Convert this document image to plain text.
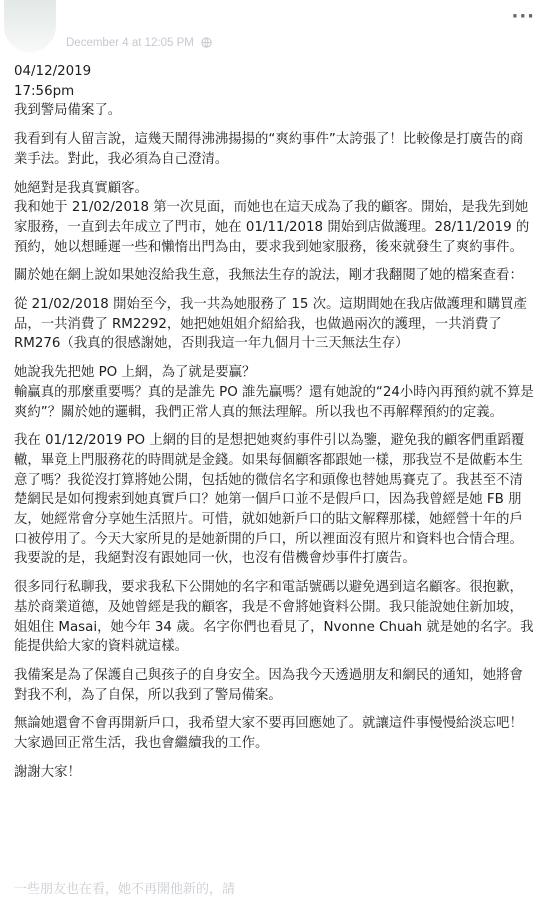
December 4 at 12:05 PM
···

04/12/2019
17:56pm
我到警局備案了。

我看到有人留言說，這幾天鬧得沸沸揚揚的“爽約事件”太誇張了！比較像是打廣告的商業手法。對此，我必須為自己澄清。

她絕對是我真實顧客。
我和她于 21/02/2018 第一次見面，而她也在這天成為了我的顧客。開始，是我先到她家服務，一直到去年成立了門市，她在 01/11/2018 開始到店做護理。28/11/2019 的預約，她以想睡遲一些和懶惰出門為由，要求我到她家服務，後來就發生了爽約事件。

關於她在網上說如果她沒給我生意，我無法生存的說法，剛才我翻閱了她的檔案查看：

從 21/02/2018 開始至今，我一共為她服務了 15 次。這期間她在我店做護理和購買產品，一共消費了 RM2292，她把她姐姐介紹給我，也做過兩次的護理，一共消費了 RM276（我真的很感謝她，否則我這一年九個月十三天無法生存）

她說我先把她 PO 上網，為了就是要贏？
輸贏真的那麼重要嗎？真的是誰先 PO 誰先贏嗎？還有她說的“24小時內再預約就不算是爽約”？關於她的邏輯，我們正常人真的無法理解。所以我也不再解釋預約的定義。

我在 01/12/2019 PO 上網的目的是想把她爽約事件引以為鑒，避免我的顧客們重蹈覆轍，畢竟上門服務花的時間就是金錢。如果每個顧客都跟她一樣，那我豈不是做虧本生意了嗎？我從沒打算將她公開，包括她的微信名字和頭像也替她馬賽克了。我甚至不清楚網民是如何搜索到她真實戶口？她第一個戶口並不是假戶口，因為我曾經是她 FB 朋友，她經常會分享她生活照片。可惜，就如她新戶口的貼文解釋那樣，她經營十年的戶口被停用了。今天大家所見的是她新開的戶口，所以裡面沒有照片和資料也合情合理。我要說的是，我絕對沒有跟她同一伙，也沒有借機會炒事件打廣告。

很多同行私聊我，要求我私下公開她的名字和電話號碼以避免遇到這名顧客。很抱歉，基於商業道德，及她曾經是我的顧客，我是不會將她資料公開。我只能說她住新加坡，姐姐住 Masai，她今年 34 歲。名字你們也看見了，Nvonne Chuah 就是她的名字。我能提供給大家的資料就這樣。

我備案是為了保護自己與孩子的自身安全。因為我今天透過朋友和網民的通知，她將會對我不利，為了自保，所以我到了警局備案。

無論她還會不會再開新戶口，我希望大家不要再回應她了。就讓這件事慢慢給淡忘吧！大家過回正常生活，我也會繼續我的工作。

謝謝大家！

一些朋友也在看，她不再開他新的，請
